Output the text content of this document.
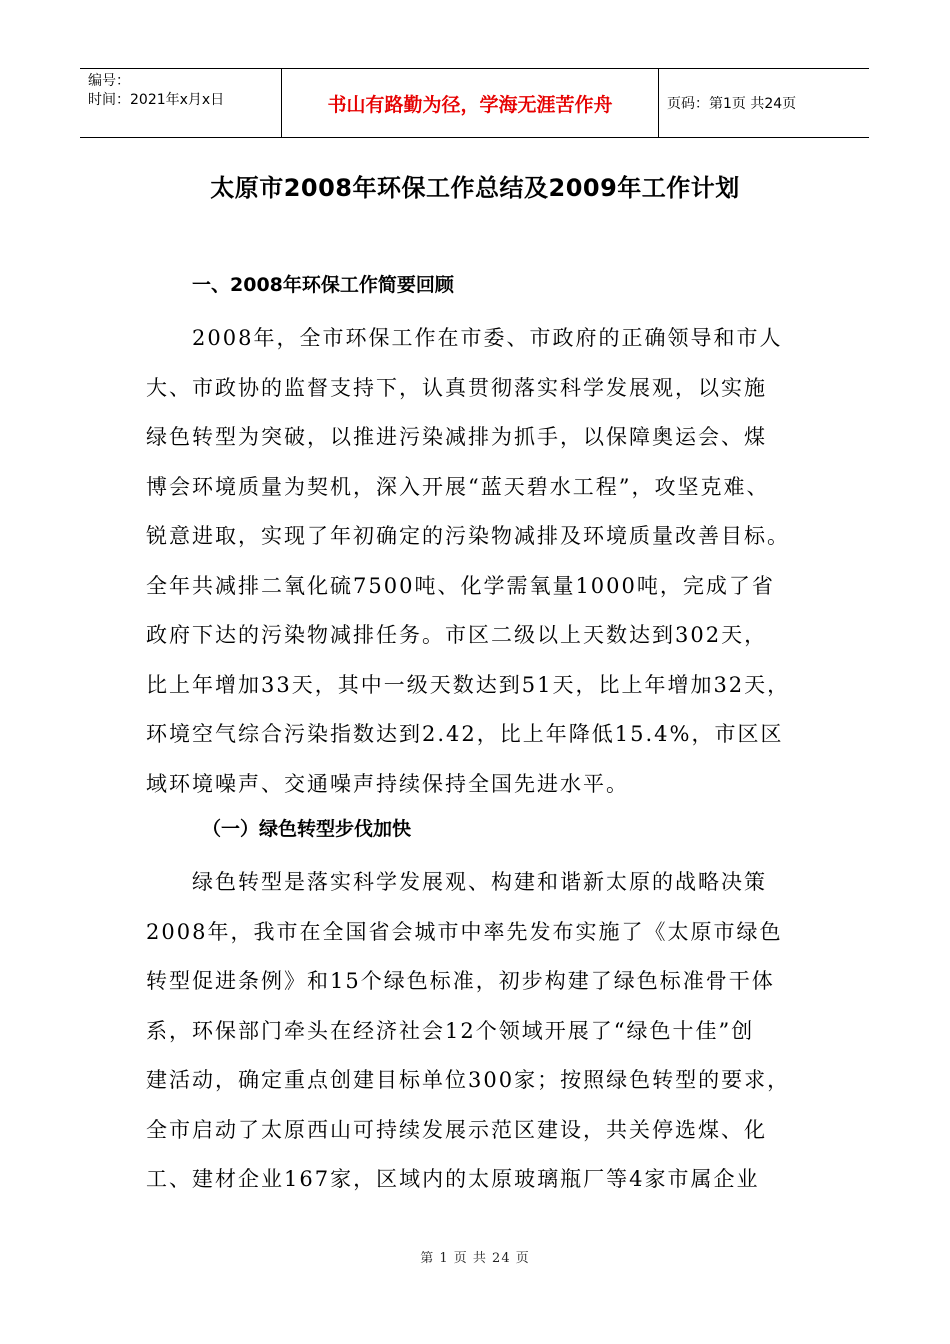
编号：
时间：2021年x月x日	书山有路勤为径，学海无涯苦作舟	页码：第1页 共24页
太原市2008年环保工作总结及2009年工作计划
一、2008年环保工作简要回顾
2008年，全市环保工作在市委、市政府的正确领导和市人
大、市政协的监督支持下，认真贯彻落实科学发展观，以实施
绿色转型为突破，以推进污染减排为抓手，以保障奥运会、煤
博会环境质量为契机，深入开展“蓝天碧水工程”，攻坚克难、
锐意进取，实现了年初确定的污染物减排及环境质量改善目标。
全年共减排二氧化硫7500吨、化学需氧量1000吨，完成了省
政府下达的污染物减排任务。市区二级以上天数达到302天，
比上年增加33天，其中一级天数达到51天，比上年增加32天，
环境空气综合污染指数达到2.42，比上年降低15.4%，市区区
域环境噪声、交通噪声持续保持全国先进水平。
（一）绿色转型步伐加快
绿色转型是落实科学发展观、构建和谐新太原的战略决策
2008年，我市在全国省会城市中率先发布实施了《太原市绿色
转型促进条例》和15个绿色标准，初步构建了绿色标准骨干体
系，环保部门牵头在经济社会12个领域开展了“绿色十佳”创
建活动，确定重点创建目标单位300家；按照绿色转型的要求，
全市启动了太原西山可持续发展示范区建设，共关停选煤、化
工、建材企业167家，区域内的太原玻璃瓶厂等4家市属企业
第 1 页 共 24 页
